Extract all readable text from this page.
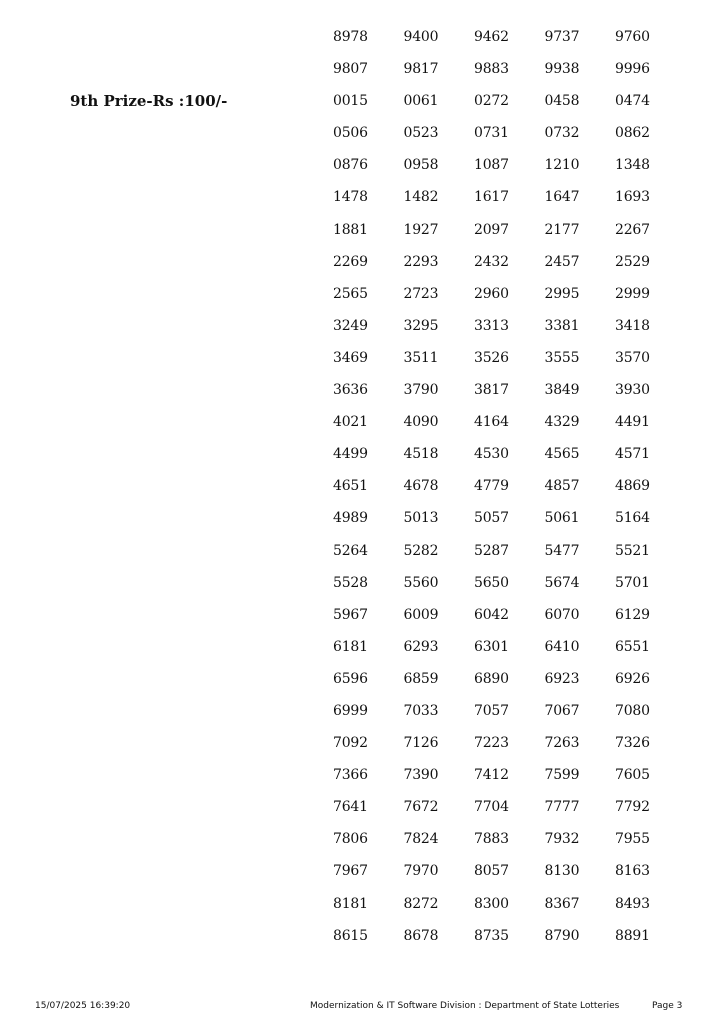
9th Prize-Rs :100/-
8978	9400	9462	9737	9760
9807	9817	9883	9938	9996
0015	0061	0272	0458	0474
0506	0523	0731	0732	0862
0876	0958	1087	1210	1348
1478	1482	1617	1647	1693
1881	1927	2097	2177	2267
2269	2293	2432	2457	2529
2565	2723	2960	2995	2999
3249	3295	3313	3381	3418
3469	3511	3526	3555	3570
3636	3790	3817	3849	3930
4021	4090	4164	4329	4491
4499	4518	4530	4565	4571
4651	4678	4779	4857	4869
4989	5013	5057	5061	5164
5264	5282	5287	5477	5521
5528	5560	5650	5674	5701
5967	6009	6042	6070	6129
6181	6293	6301	6410	6551
6596	6859	6890	6923	6926
6999	7033	7057	7067	7080
7092	7126	7223	7263	7326
7366	7390	7412	7599	7605
7641	7672	7704	7777	7792
7806	7824	7883	7932	7955
7967	7970	8057	8130	8163
8181	8272	8300	8367	8493
8615	8678	8735	8790	8891
15/07/2025 16:39:20	Modernization & IT Software Division : Department of State Lotteries	Page 3
